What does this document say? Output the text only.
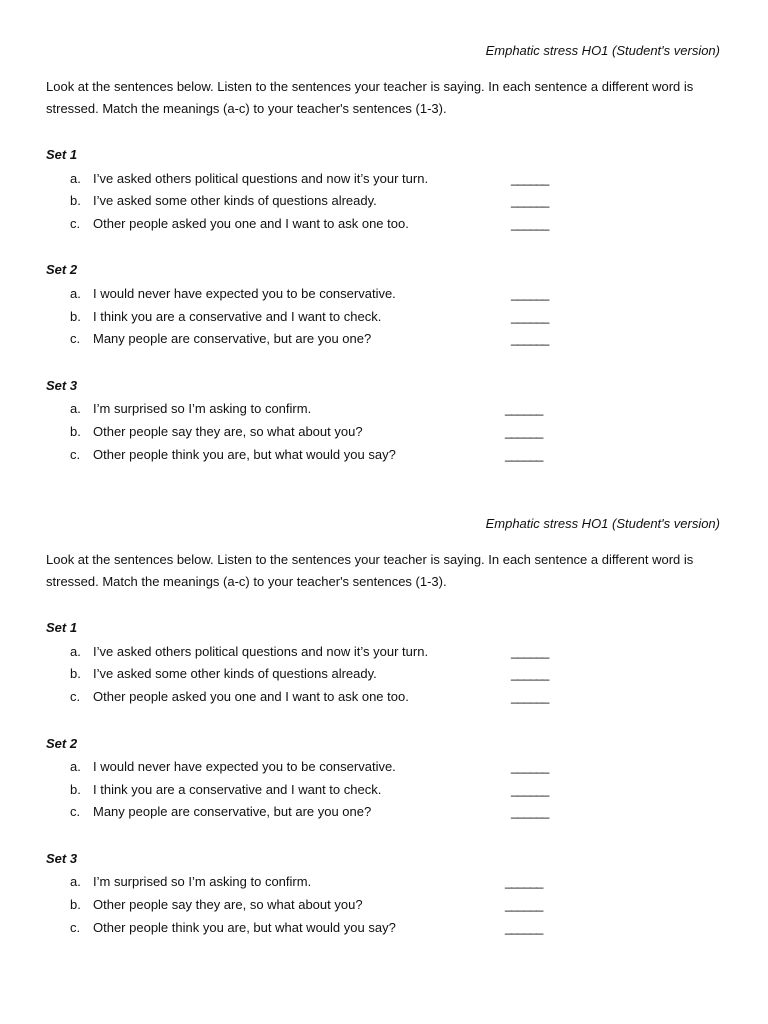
Emphatic stress HO1 (Student's version)
Look at the sentences below. Listen to the sentences your teacher is saying. In each sentence a different word is stressed. Match the meanings (a-c) to your teacher's sentences (1-3).
Set 1
a. I’ve asked others political questions and now it’s your turn.	______
b. I’ve asked some other kinds of questions already.	______
c. Other people asked you one and I want to ask one too.	______
Set 2
a. I would never have expected you to be conservative.	______
b. I think you are a conservative and I want to check.	______
c. Many people are conservative, but are you one?	______
Set 3
a. I’m surprised so I’m asking to confirm.	______
b. Other people say they are, so what about you?	______
c. Other people think you are, but what would you say?	______
Emphatic stress HO1 (Student's version)
Look at the sentences below. Listen to the sentences your teacher is saying. In each sentence a different word is stressed. Match the meanings (a-c) to your teacher's sentences (1-3).
Set 1
a. I’ve asked others political questions and now it’s your turn.	______
b. I’ve asked some other kinds of questions already.	______
c. Other people asked you one and I want to ask one too.	______
Set 2
a. I would never have expected you to be conservative.	______
b. I think you are a conservative and I want to check.	______
c. Many people are conservative, but are you one?	______
Set 3
a. I’m surprised so I’m asking to confirm.	______
b. Other people say they are, so what about you?	______
c. Other people think you are, but what would you say?	______
